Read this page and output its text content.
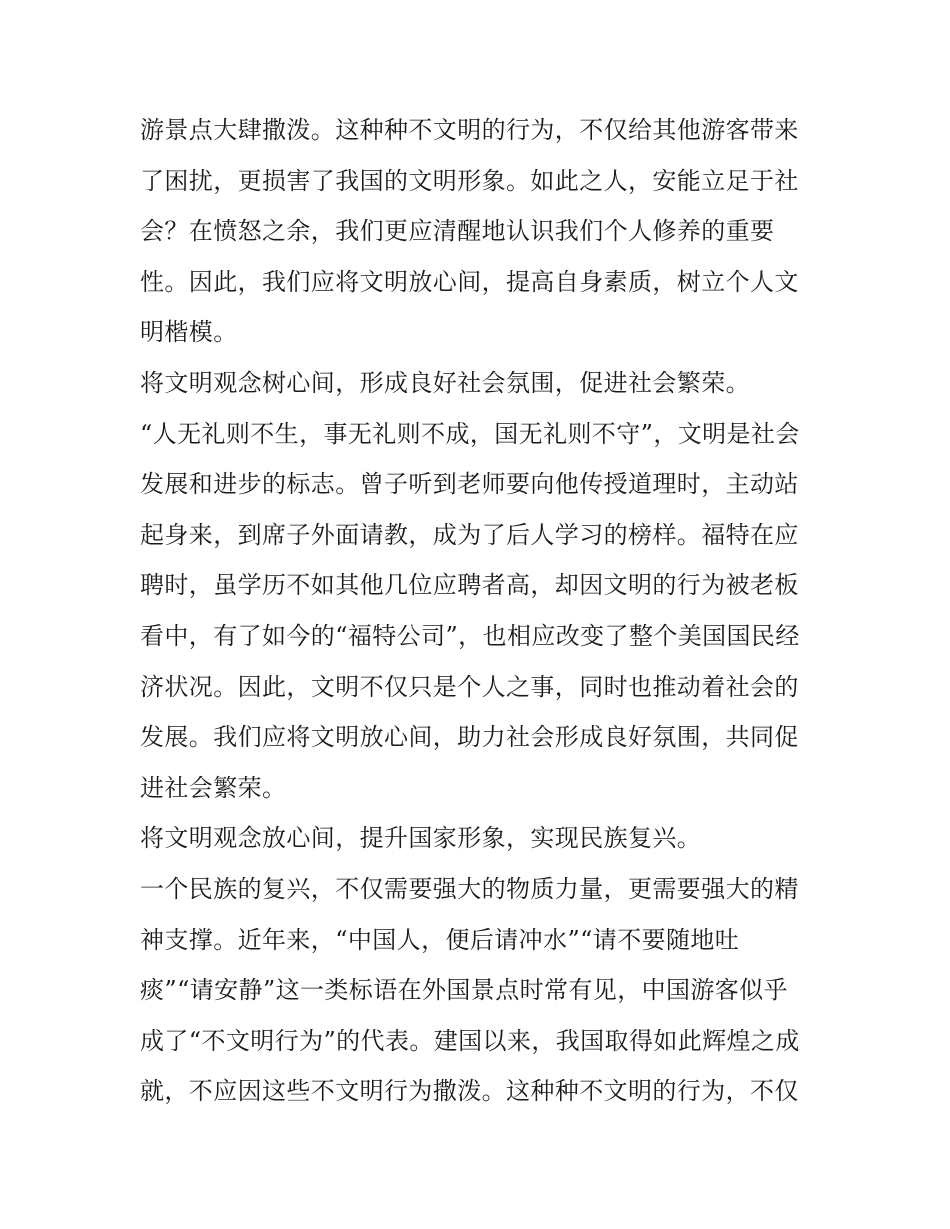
游景点大肆撒泼。这种种不文明的行为，不仅给其他游客带来
了困扰，更损害了我国的文明形象。如此之人，安能立足于社
会？在愤怒之余，我们更应清醒地认识我们个人修养的重要
性。因此，我们应将文明放心间，提高自身素质，树立个人文
明楷模。
将文明观念树心间，形成良好社会氛围，促进社会繁荣。
“人无礼则不生，事无礼则不成，国无礼则不守”，文明是社会
发展和进步的标志。曾子听到老师要向他传授道理时，主动站
起身来，到席子外面请教，成为了后人学习的榜样。福特在应
聘时，虽学历不如其他几位应聘者高，却因文明的行为被老板
看中，有了如今的“福特公司”，也相应改变了整个美国国民经
济状况。因此，文明不仅只是个人之事，同时也推动着社会的
发展。我们应将文明放心间，助力社会形成良好氛围，共同促
进社会繁荣。
将文明观念放心间，提升国家形象，实现民族复兴。
一个民族的复兴，不仅需要强大的物质力量，更需要强大的精
神支撑。近年来，“中国人，便后请冲水”“请不要随地吐
痰”“请安静”这一类标语在外国景点时常有见，中国游客似乎
成了“不文明行为”的代表。建国以来，我国取得如此辉煌之成
就，不应因这些不文明行为撒泼。这种种不文明的行为，不仅
